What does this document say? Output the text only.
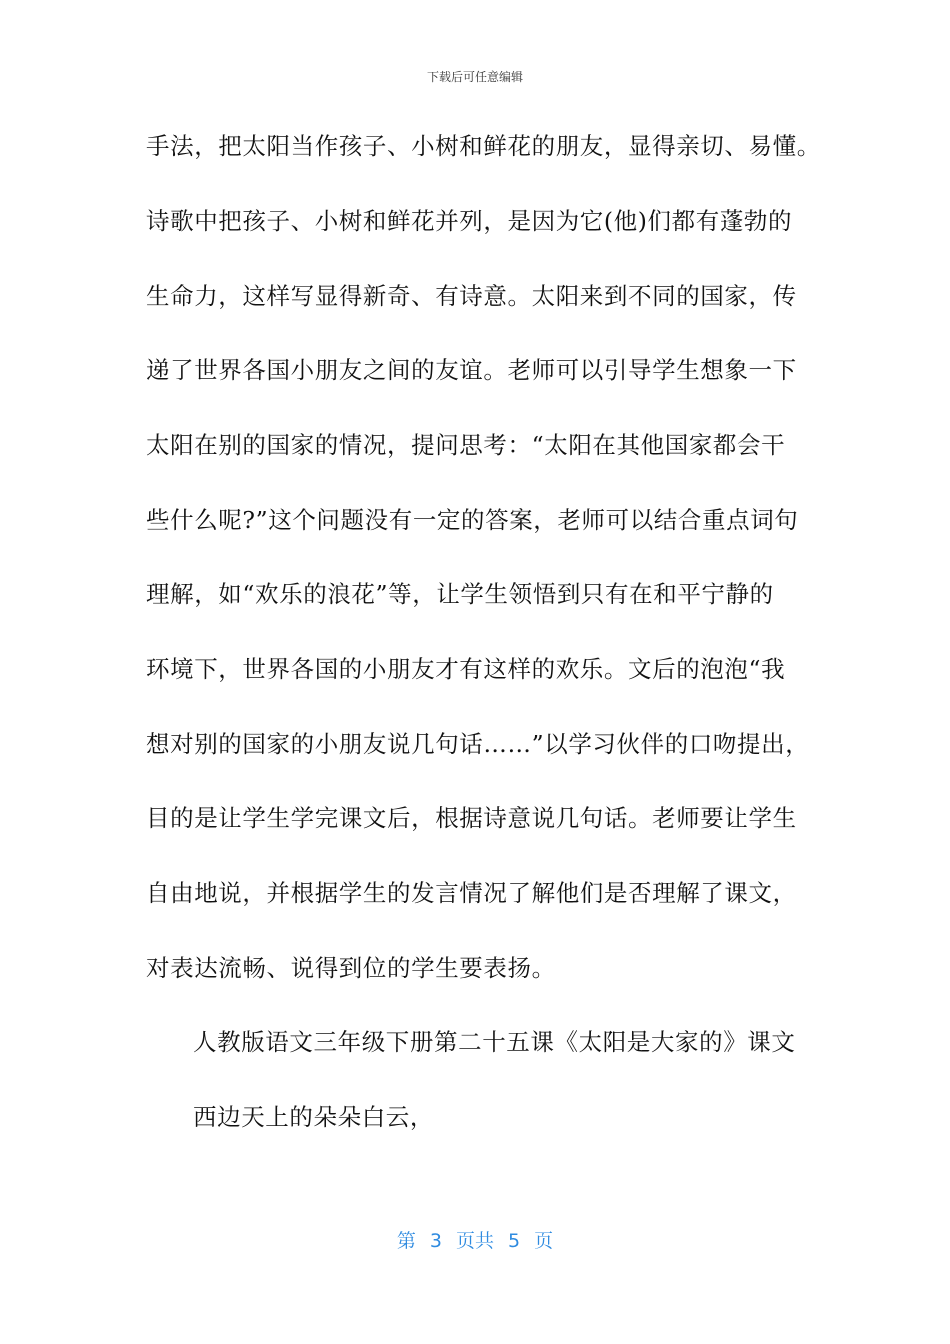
下载后可任意编辑
手法，把太阳当作孩子、小树和鲜花的朋友，显得亲切、易懂。
诗歌中把孩子、小树和鲜花并列，是因为它(他)们都有蓬勃的
生命力，这样写显得新奇、有诗意。太阳来到不同的国家，传
递了世界各国小朋友之间的友谊。老师可以引导学生想象一下
太阳在别的国家的情况，提问思考：“太阳在其他国家都会干
些什么呢?”这个问题没有一定的答案，老师可以结合重点词句
理解，如“欢乐的浪花”等，让学生领悟到只有在和平宁静的
环境下，世界各国的小朋友才有这样的欢乐。文后的泡泡“我
想对别的国家的小朋友说几句话……”以学习伙伴的口吻提出，
目的是让学生学完课文后，根据诗意说几句话。老师要让学生
自由地说，并根据学生的发言情况了解他们是否理解了课文，
对表达流畅、说得到位的学生要表扬。
人教版语文三年级下册第二十五课《太阳是大家的》课文
西边天上的朵朵白云，
第 3 页共 5 页
